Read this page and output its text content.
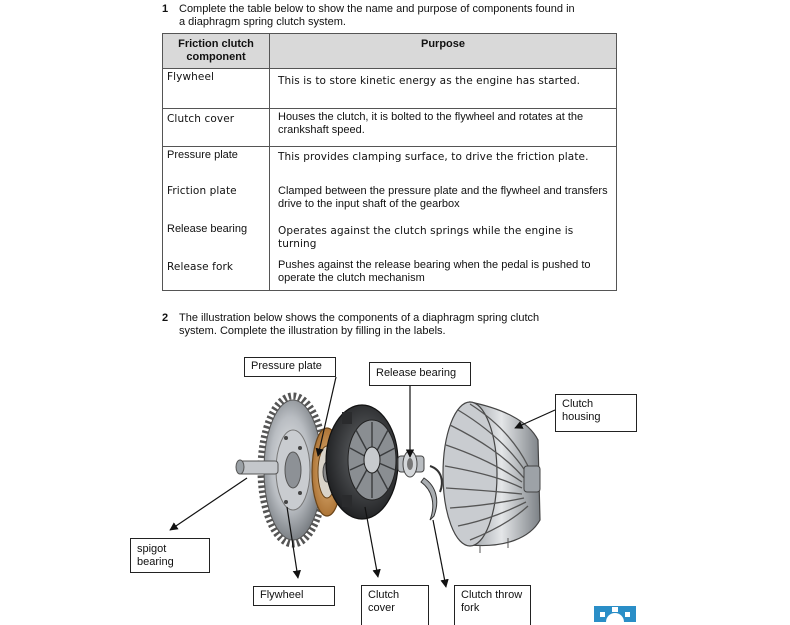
1 Complete the table below to show the name and purpose of components found in a diaphragm spring clutch system.
Friction clutch component	Purpose
Flywheel	This is to store kinetic energy as the engine has started.
Clutch cover	Houses the clutch, it is bolted to the flywheel and rotates at the crankshaft speed.
Pressure plate	This provides clamping surface, to drive the friction plate.
Friction plate	Clamped between the pressure plate and the flywheel and transfers drive to the input shaft of the gearbox
Release bearing	Operates against the clutch springs while the engine is turning
Release fork	Pushes against the release bearing when the pedal is pushed to operate the clutch mechanism
2 The illustration below shows the components of a diaphragm spring clutch system. Complete the illustration by filling in the labels.
Pressure plate
Release bearing
Clutch housing
spigot bearing
Flywheel	Clutch cover
Clutch throw fork
